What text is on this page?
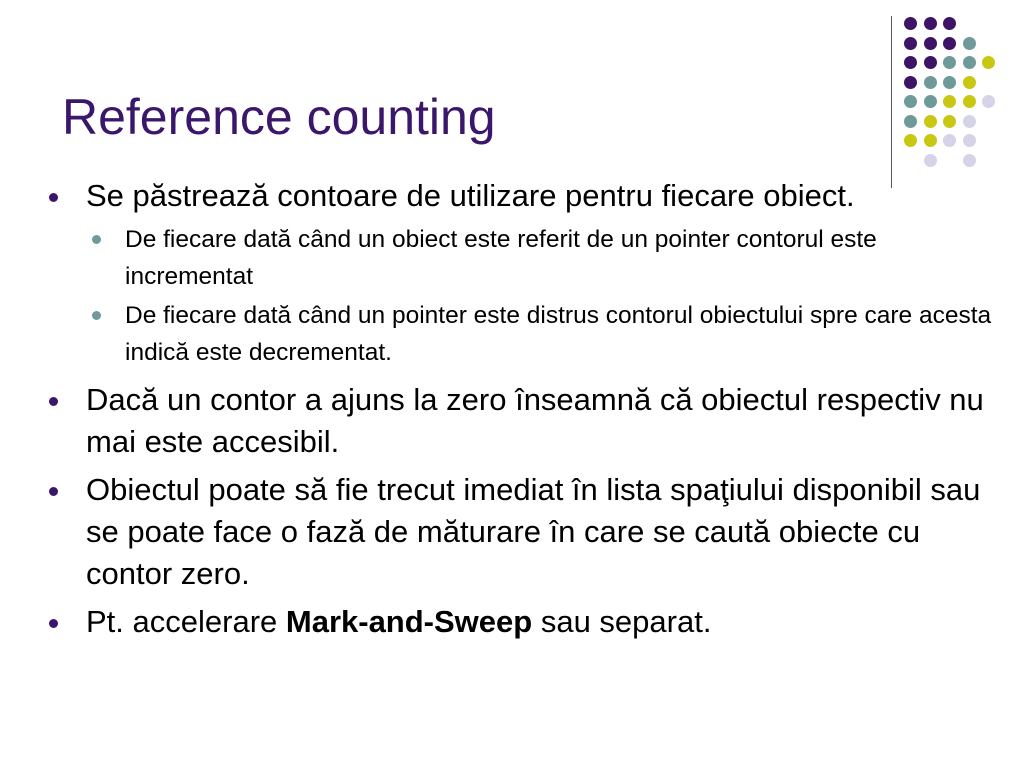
Reference counting
Se păstrează contoare de utilizare pentru fiecare obiect.
De fiecare dată când un obiect este referit de un pointer contorul este incrementat
De fiecare dată când un pointer este distrus contorul obiectului spre care acesta indică este decrementat.
Dacă un contor a ajuns la zero înseamnă că obiectul respectiv nu mai este accesibil.
Obiectul poate să fie trecut imediat în lista spaţiului disponibil sau se poate face o fază de măturare în care se caută obiecte cu contor zero.
Pt. accelerare Mark-and-Sweep sau separat.
